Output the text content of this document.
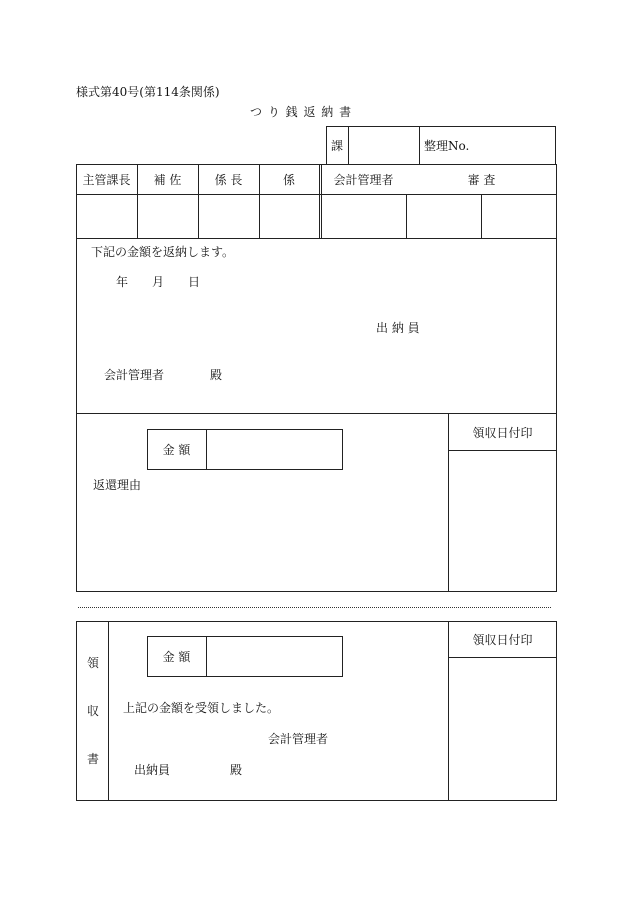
様式第40号(第114条関係)
つ り 銭 返 納 書
課	整理No.
主管課長	補 佐	係 長	係	会計管理者	審 査
下記の金額を返納します。
年 月 日
出 納 員
会計管理者	殿
領収日付印
金 額
返還理由
領
収
書
領収日付印
金 額
上記の金額を受領しました。
会計管理者
出納員	殿
